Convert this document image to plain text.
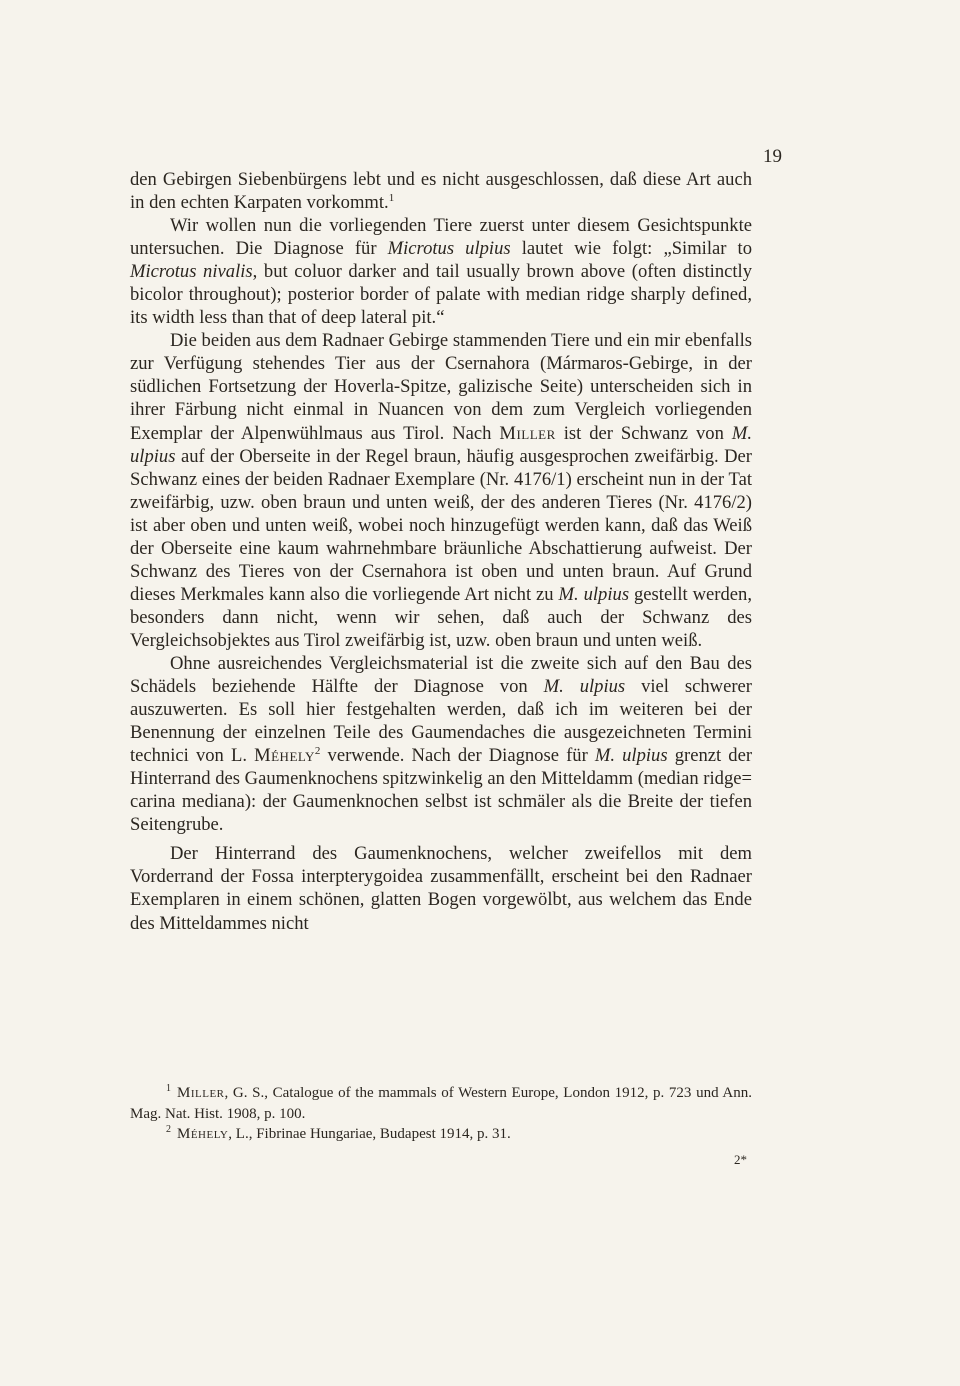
19

den Gebirgen Siebenbürgens lebt und es nicht ausgeschlossen, daß diese Art auch in den echten Karpaten vorkommt.$^1$

Wir wollen nun die vorliegenden Tiere zuerst unter diesem Gesichtspunkte untersuchen. Die Diagnose für Microtus ulpius lautet wie folgt: „Similar to Microtus nivalis, but coluor darker and tail usually brown above (often distinctly bicolor throughout); posterior border of palate with median ridge sharply defined, its width less than that of deep lateral pit.“

Die beiden aus dem Radnaer Gebirge stammenden Tiere und ein mir ebenfalls zur Verfügung stehendes Tier aus der Csernahora (Mármaros-Gebirge, in der südlichen Fortsetzung der Hoverla-Spitze, galizische Seite) unterscheiden sich in ihrer Färbung nicht einmal in Nuancen von dem zum Vergleich vorliegenden Exemplar der Alpenwühlmaus aus Tirol. Nach Miller ist der Schwanz von M. ulpius auf der Oberseite in der Regel braun, häufig ausgesprochen zweifärbig. Der Schwanz eines der beiden Radnaer Exemplare (Nr. 4176/1) erscheint nun in der Tat zweifärbig, uzw. oben braun und unten weiß, der des anderen Tieres (Nr. 4176/2) ist aber oben und unten weiß, wobei noch hinzugefügt werden kann, daß das Weiß der Oberseite eine kaum wahrnehmbare bräunliche Abschattierung aufweist. Der Schwanz des Tieres von der Csernahora ist oben und unten braun. Auf Grund dieses Merkmales kann also die vorliegende Art nicht zu M. ulpius gestellt werden, besonders dann nicht, wenn wir sehen, daß auch der Schwanz des Vergleichsobjektes aus Tirol zweifärbig ist, uzw. oben braun und unten weiß.

Ohne ausreichendes Vergleichsmaterial ist die zweite sich auf den Bau des Schädels beziehende Hälfte der Diagnose von M. ulpius viel schwerer auszuwerten. Es soll hier festgehalten werden, daß ich im weiteren bei der Benennung der einzelnen Teile des Gaumendaches die ausgezeichneten Termini technici von L. Méhely$^2$ verwende. Nach der Diagnose für M. ulpius grenzt der Hinterrand des Gaumenknochens spitzwinkelig an den Mitteldamm (median ridge= carina mediana): der Gaumenknochen selbst ist schmäler als die Breite der tiefen Seitengrube.

Der Hinterrand des Gaumenknochens, welcher zweifellos mit dem Vorderrand der Fossa interpterygoidea zusammenfällt, erscheint bei den Radnaer Exemplaren in einem schönen, glatten Bogen vorgewölbt, aus welchem das Ende des Mitteldammes nicht

$^1$ Miller, G. S., Catalogue of the mammals of Western Europe, London 1912, p. 723 und Ann. Mag. Nat. Hist. 1908, p. 100.

$^2$ Méhely, L., Fibrinae Hungariae, Budapest 1914, p. 31.

2*
